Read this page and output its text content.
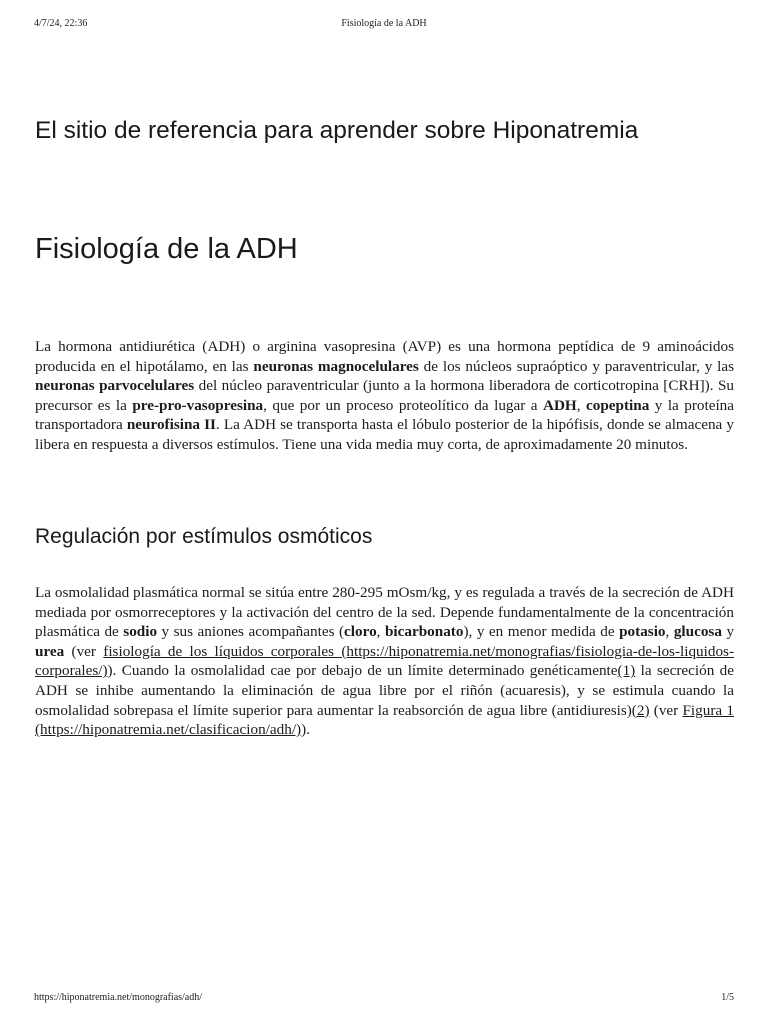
4/7/24, 22:36	Fisiología de la ADH
El sitio de referencia para aprender sobre Hiponatremia
Fisiología de la ADH

La hormona antidiurética (ADH) o arginina vasopresina (AVP) es una hormona peptídica de 9 aminoácidos producida en el hipotálamo, en las neuronas magnocelulares de los núcleos supraóptico y paraventricular, y las neuronas parvocelulares del núcleo paraventricular (junto a la hormona liberadora de corticotropina [CRH]). Su precursor es la pre-pro-vasopresina, que por un proceso proteolítico da lugar a ADH, copeptina y la proteína transportadora neurofisina II. La ADH se transporta hasta el lóbulo posterior de la hipófisis, donde se almacena y libera en respuesta a diversos estímulos. Tiene una vida media muy corta, de aproximadamente 20 minutos.

Regulación por estímulos osmóticos

La osmolalidad plasmática normal se sitúa entre 280-295 mOsm/kg, y es regulada a través de la secreción de ADH mediada por osmorreceptores y la activación del centro de la sed. Depende fundamentalmente de la concentración plasmática de sodio y sus aniones acompañantes (cloro, bicarbonato), y en menor medida de potasio, glucosa y urea (ver fisiología de los líquidos corporales (https://hiponatremia.net/monografias/fisiologia-de-los-liquidos-corporales/)). Cuando la osmolalidad cae por debajo de un límite determinado genéticamente(1) la secreción de ADH se inhibe aumentando la eliminación de agua libre por el riñón (acuaresis), y se estimula cuando la osmolalidad sobrepasa el límite superior para aumentar la reabsorción de agua libre (antidiuresis)(2) (ver Figura 1 (https://hiponatremia.net/clasificacion/adh/)).

https://hiponatremia.net/monografias/adh/	1/5
